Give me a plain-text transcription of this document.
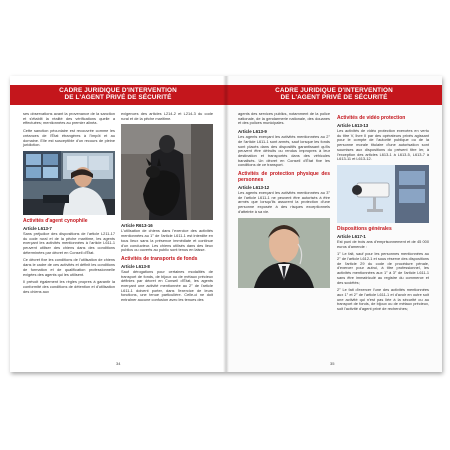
CADRE JURIDIQUE D'INTERVENTION
DE L'AGENT PRIVÉ DE SÉCURITÉ

ses observations avant la provenance de la sanction et s'établit la réalité des vérifications quelle a effectuées; mentionnées au premier alinéa.

Cette sanction pécuniaire est recouvrée comme les créances de l'État étrangères à l'impôt et au domaine. Elle est susceptible d'un recours de pleine juridiction.

Activités d'agent cynophile
Article L613-7

Sans préjudice des dispositions de l'article L211-17 du code rural et de la pêche maritime, les agents exerçant les activités mentionnées à l'article L611-1 peuvent utiliser des chiens dans des conditions déterminées par décret en Conseil d'État.

Ce décret fixe les conditions de l'utilisation de chiens dans le cadre de ces activités et définit les conditions de formation et de qualification professionnelle exigées des agents qui les utilisent.

Il prévoit également les règles propres à garantir la conformité des conditions de détention et d'utilisation des chiens aux

exigences des articles L214-2 et L214-3 du code rural et de la pêche maritime.

Article R613-16

L'utilisation de chiens dans l'exercice des activités mentionnées au 1° de l'article L611-1 est interdite en tous lieux sans la présence immédiate et continue d'un conducteur. Les chiens utilisés dans des lieux publics ou ouverts au public sont tenus en laisse.

Activités de transports de fonds
Article L613-8

Sauf dérogations pour certaines modalités de transport de fonds, de bijoux ou de métaux précieux définies par décret en Conseil d'État, les agents exerçant une activité mentionnée au 2° de l'article L611-1 doivent porter, dans l'exercice de leurs fonctions, une tenue particulière. Celle-ci ne doit entraîner aucune confusion avec les tenues des

34
CADRE JURIDIQUE D'INTERVENTION
DE L'AGENT PRIVÉ DE SÉCURITÉ

agents des services publics, notamment de la police nationale, de la gendarmerie nationale, des douanes et des polices municipales.

Article L613-9

Les agents exerçant les activités mentionnées au 2° de l'article L611-1 sont armés, sauf lorsque les fonds sont placés dans des dispositifs garantissant qu'ils peuvent être détruits ou rendus impropres à leur destination et transportés dans des véhicules banalisés. Un décret en Conseil d'État fixe les conditions de ce transport.

Activités de protection physique des personnes
Article L613-12

Les agents exerçant les activités mentionnées au 3° de l'article L611-1 ne peuvent être autorisés à être armés que lorsqu'ils assurent la protection d'une personne exposée à des risques exceptionnels d'atteinte à sa vie.

Activités de vidéo protection
Article L613-13

Les activités de vidéo protection exercées en vertu du titre V, livre II par des opérateurs privés agissant pour le compte de l'autorité publique ou de la personne morale titulaire d'une autorisation sont soumises aux dispositions du présent titre ler, à l'exception des articles L613-1 à L613-5, L613-7 à L613-11 et L613-12.

Dispositions générales
Article L617-1

Est puni de trois ans d'emprisonnement et de 45 000 euros d'amende :

1° Le fait, sauf pour les personnes mentionnées au 2° de l'article L612-1 et sous réserve des dispositions de l'article 29 du code de procédure pénale, d'exercer pour autrui, à titre professionnel, les activités mentionnées aux 1° à 3° de l'article L611-1 sans être immatriculé au registre du commerce et des sociétés;

2° Le fait d'exercer l'une des activités mentionnées aux 1° et 2° de l'article L611-1 et d'avoir en outre soit une activité qui n'est pas liée à la sécurité ou au transport de fonds, de bijoux ou de métaux précieux, soit l'activité d'agent privé de recherches;

35
